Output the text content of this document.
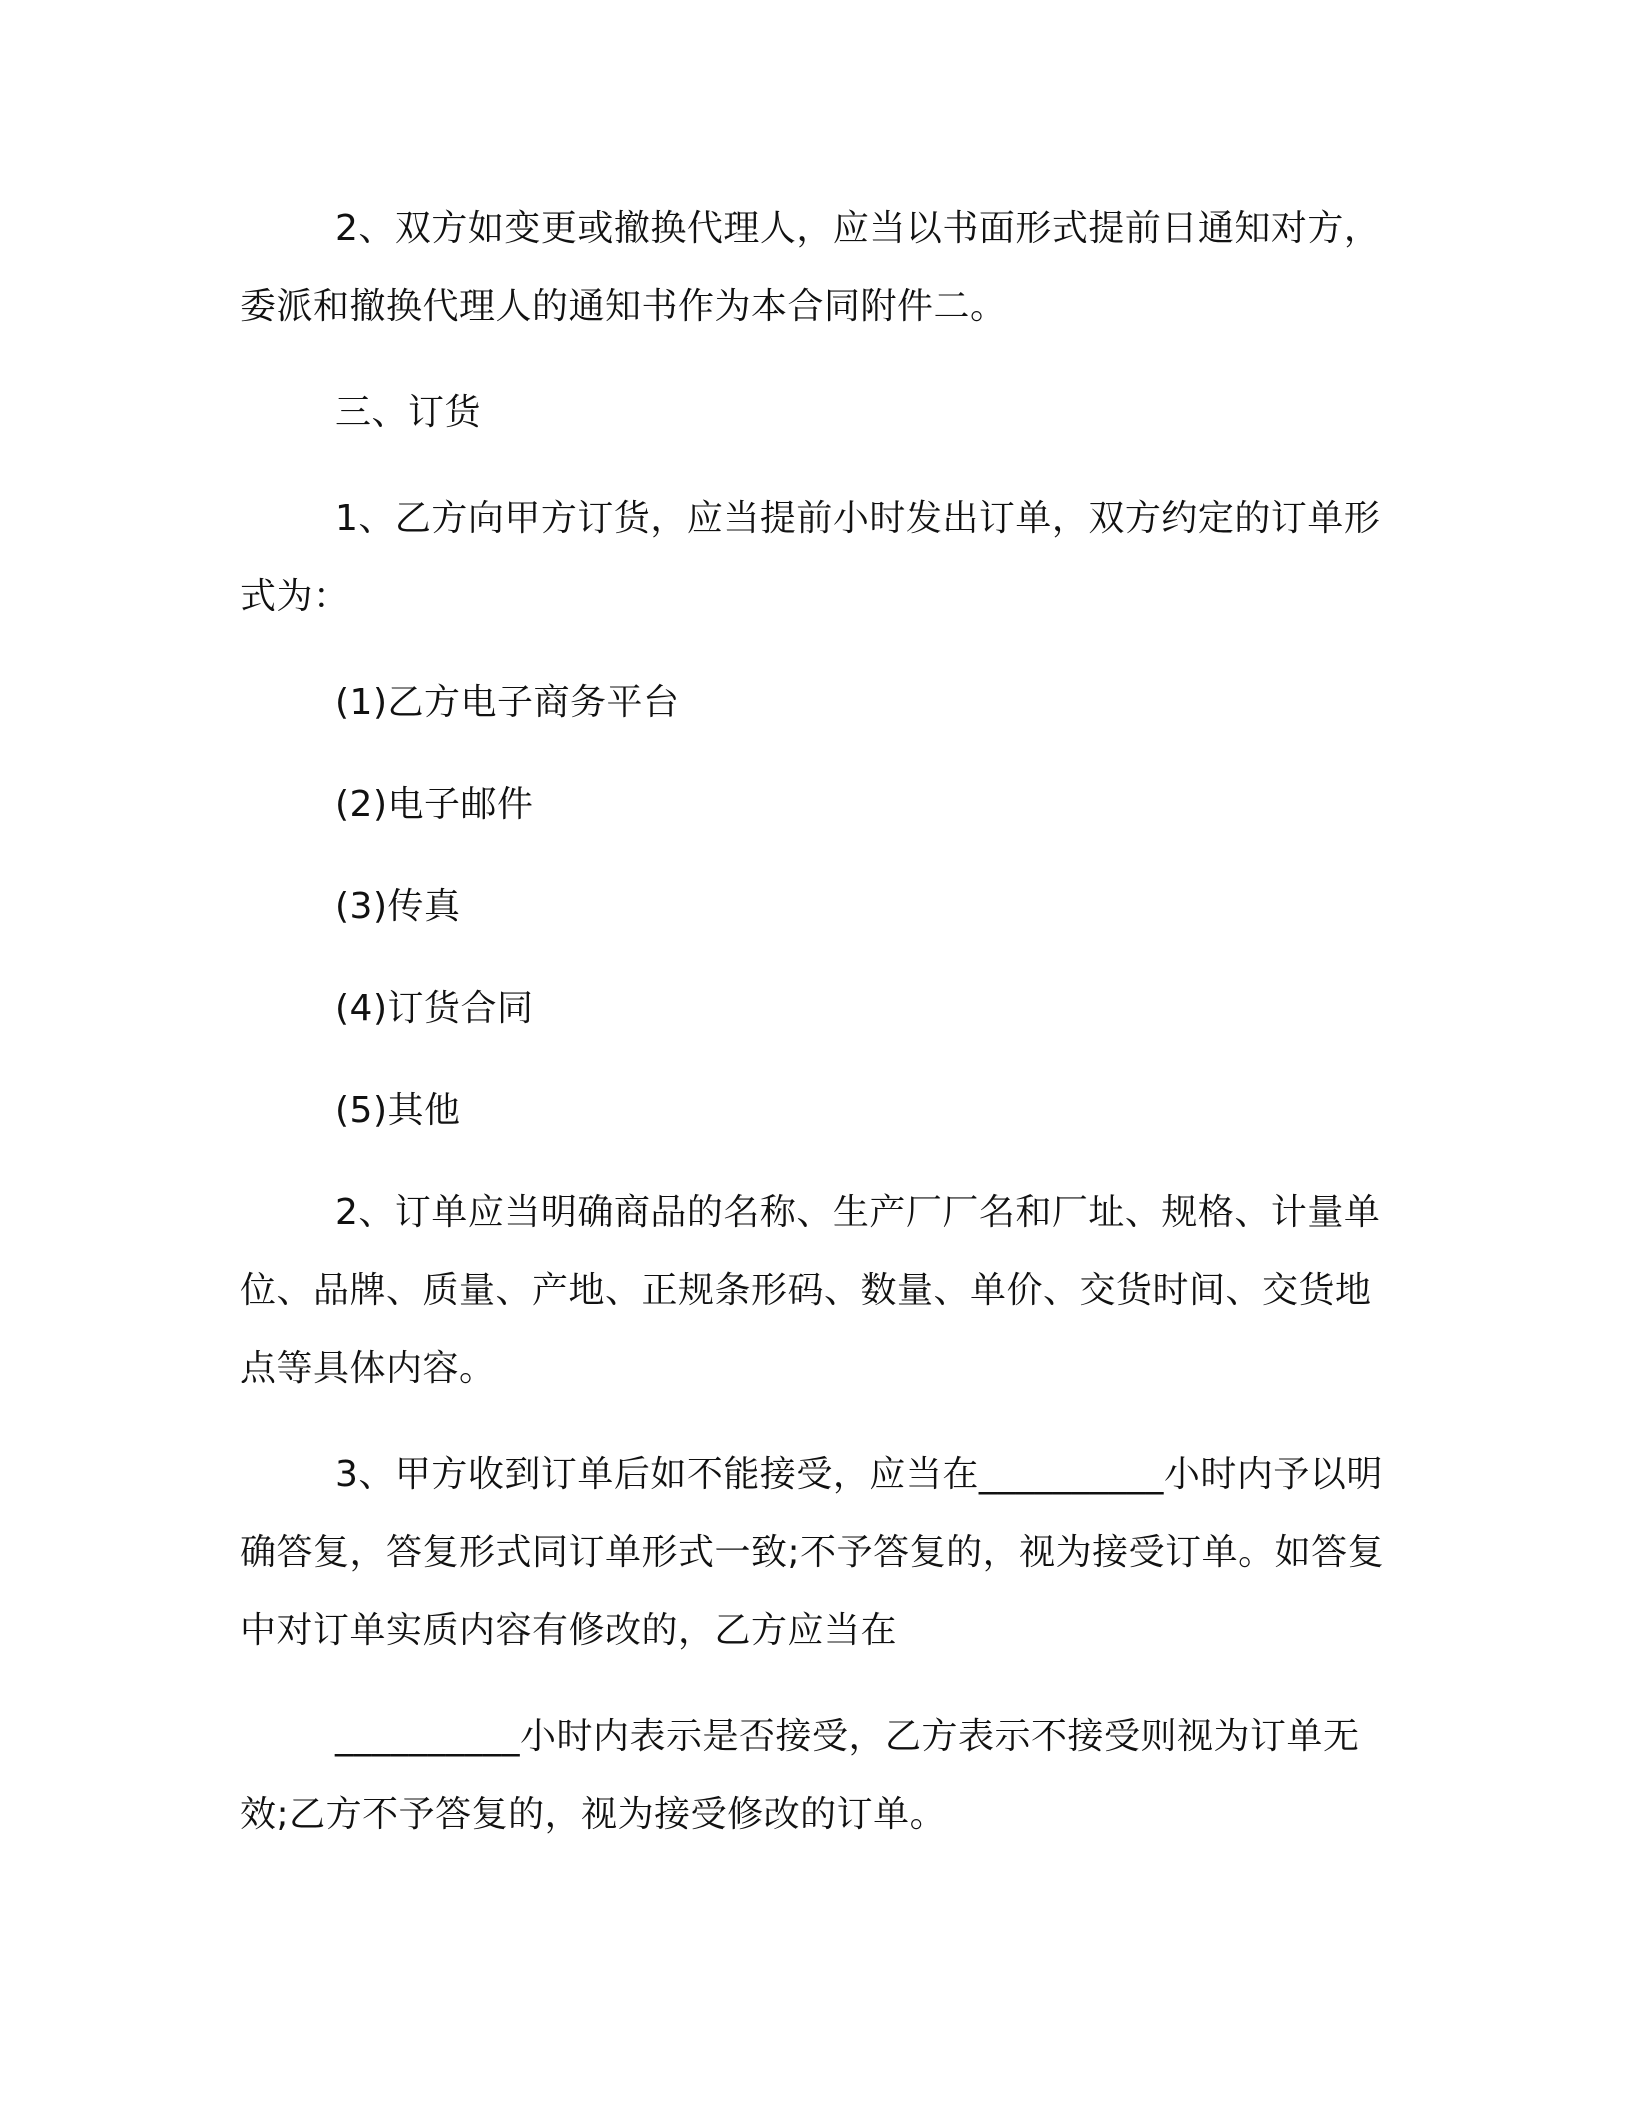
2、双方如变更或撤换代理人，应当以书面形式提前日通知对方，委派和撤换代理人的通知书作为本合同附件二。

三、订货

1、乙方向甲方订货，应当提前小时发出订单，双方约定的订单形式为：

(1)乙方电子商务平台

(2)电子邮件

(3)传真

(4)订货合同

(5)其他

2、订单应当明确商品的名称、生产厂厂名和厂址、规格、计量单位、品牌、质量、产地、正规条形码、数量、单价、交货时间、交货地点等具体内容。

3、甲方收到订单后如不能接受，应当在__________小时内予以明确答复，答复形式同订单形式一致;不予答复的，视为接受订单。如答复中对订单实质内容有修改的，乙方应当在

__________小时内表示是否接受，乙方表示不接受则视为订单无效;乙方不予答复的，视为接受修改的订单。
